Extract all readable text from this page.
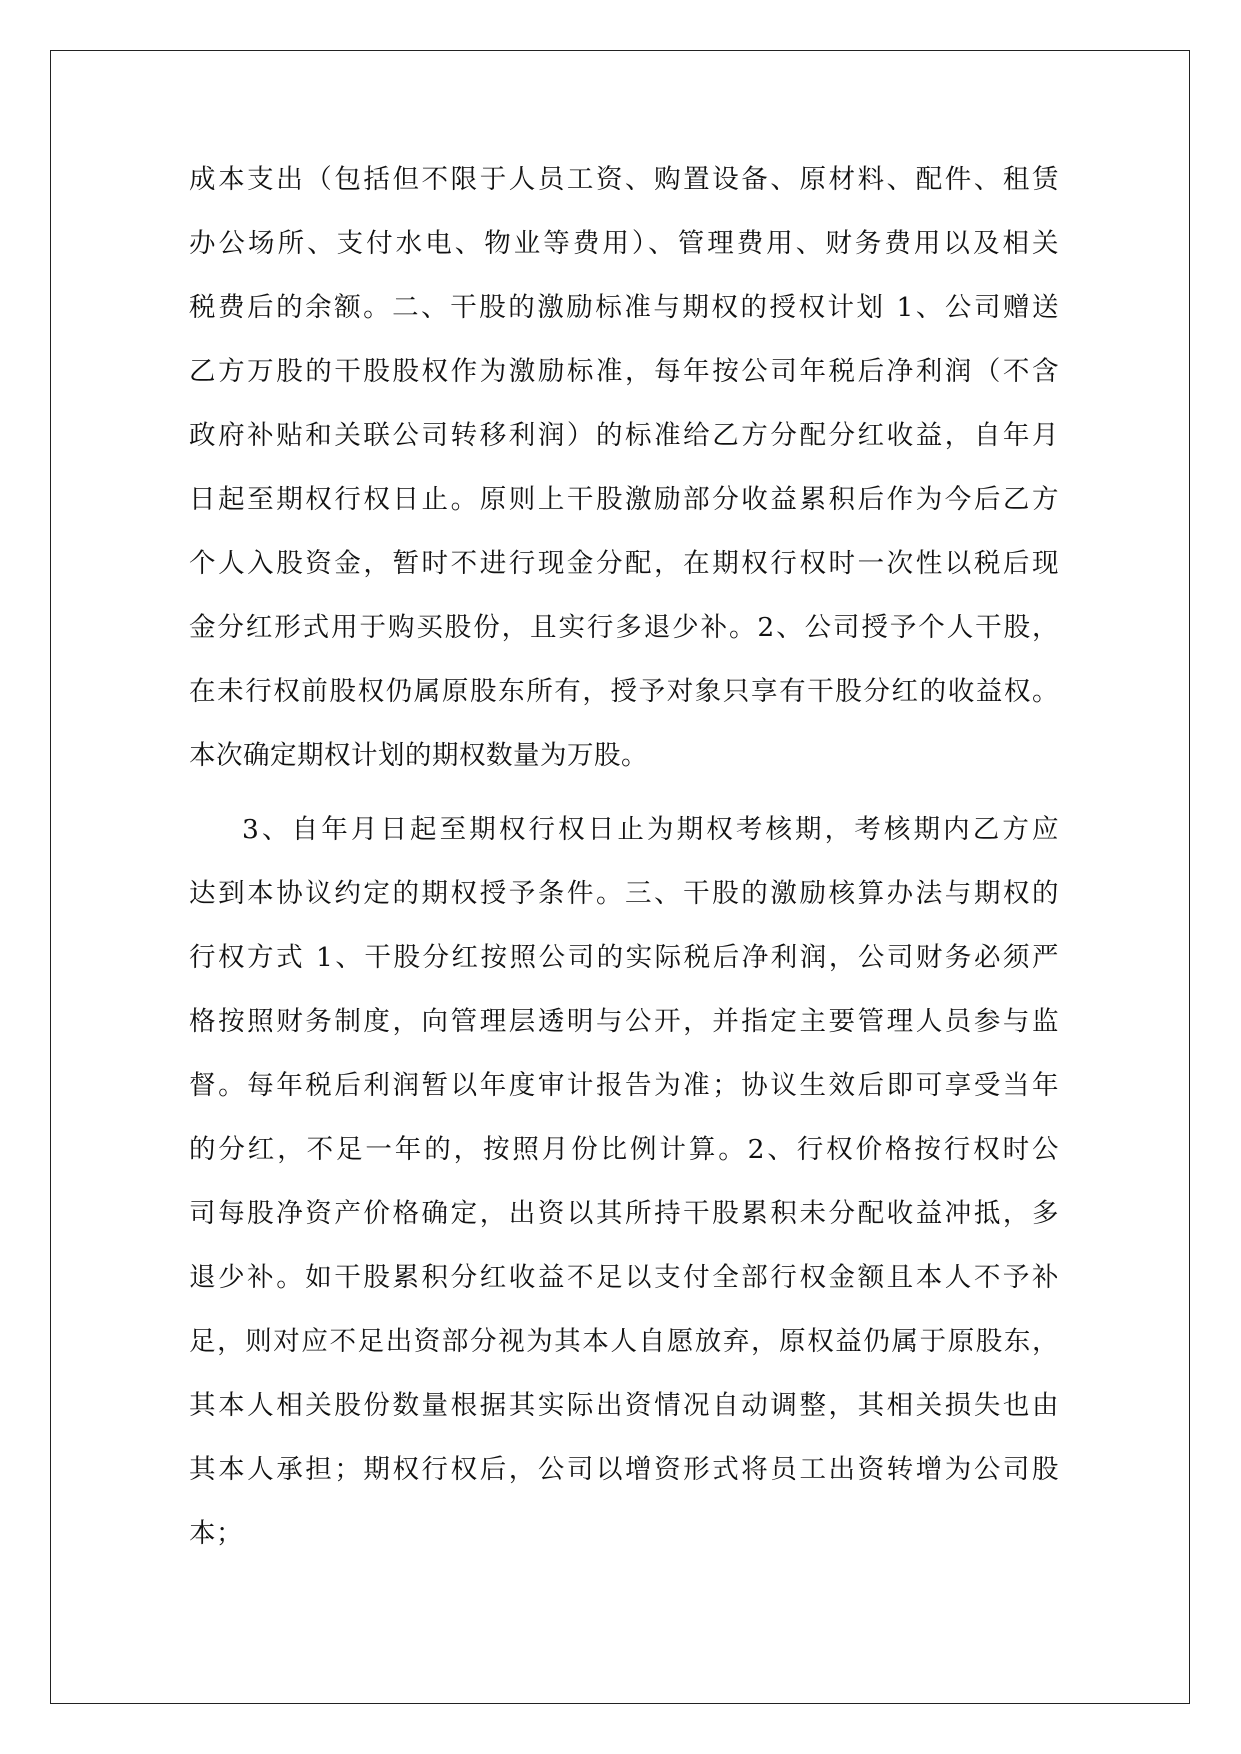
成本支出（包括但不限于人员工资、购置设备、原材料、配件、租赁
办公场所、支付水电、物业等费用）、管理费用、财务费用以及相关
税费后的余额。二、干股的激励标准与期权的授权计划 1、公司赠送
乙方万股的干股股权作为激励标准，每年按公司年税后净利润（不含
政府补贴和关联公司转移利润）的标准给乙方分配分红收益，自年月
日起至期权行权日止。原则上干股激励部分收益累积后作为今后乙方
个人入股资金，暂时不进行现金分配，在期权行权时一次性以税后现
金分红形式用于购买股份，且实行多退少补。2、公司授予个人干股，
在未行权前股权仍属原股东所有，授予对象只享有干股分红的收益权。
本次确定期权计划的期权数量为万股。
3、自年月日起至期权行权日止为期权考核期，考核期内乙方应
达到本协议约定的期权授予条件。三、干股的激励核算办法与期权的
行权方式 1、干股分红按照公司的实际税后净利润，公司财务必须严
格按照财务制度，向管理层透明与公开，并指定主要管理人员参与监
督。每年税后利润暂以年度审计报告为准；协议生效后即可享受当年
的分红，不足一年的，按照月份比例计算。2、行权价格按行权时公
司每股净资产价格确定，出资以其所持干股累积未分配收益冲抵，多
退少补。如干股累积分红收益不足以支付全部行权金额且本人不予补
足，则对应不足出资部分视为其本人自愿放弃，原权益仍属于原股东，
其本人相关股份数量根据其实际出资情况自动调整，其相关损失也由
其本人承担；期权行权后，公司以增资形式将员工出资转增为公司股
本；
